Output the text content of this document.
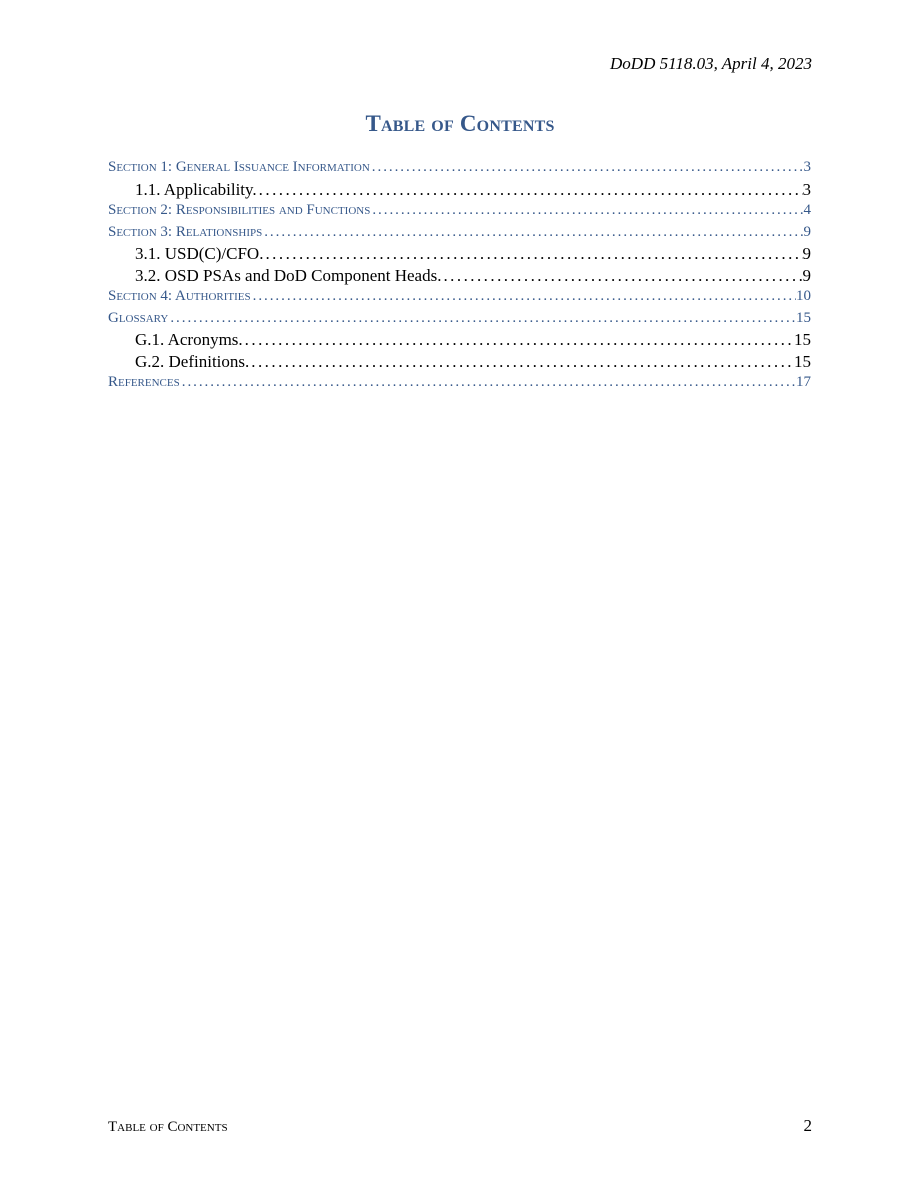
DoDD 5118.03, April 4, 2023
Table of Contents
Section 1: General Issuance Information . . .	3
1.1. Applicability. . . .	3
Section 2: Responsibilities and Functions . . .	4
Section 3: Relationships . . .	9
3.1. USD(C)/CFO. . . .	9
3.2. OSD PSAs and DoD Component Heads. . . .	9
Section 4: Authorities . . .	10
Glossary . . .	15
G.1. Acronyms. . . .	15
G.2. Definitions. . . .	15
References . . .	17
Table of Contents	2
